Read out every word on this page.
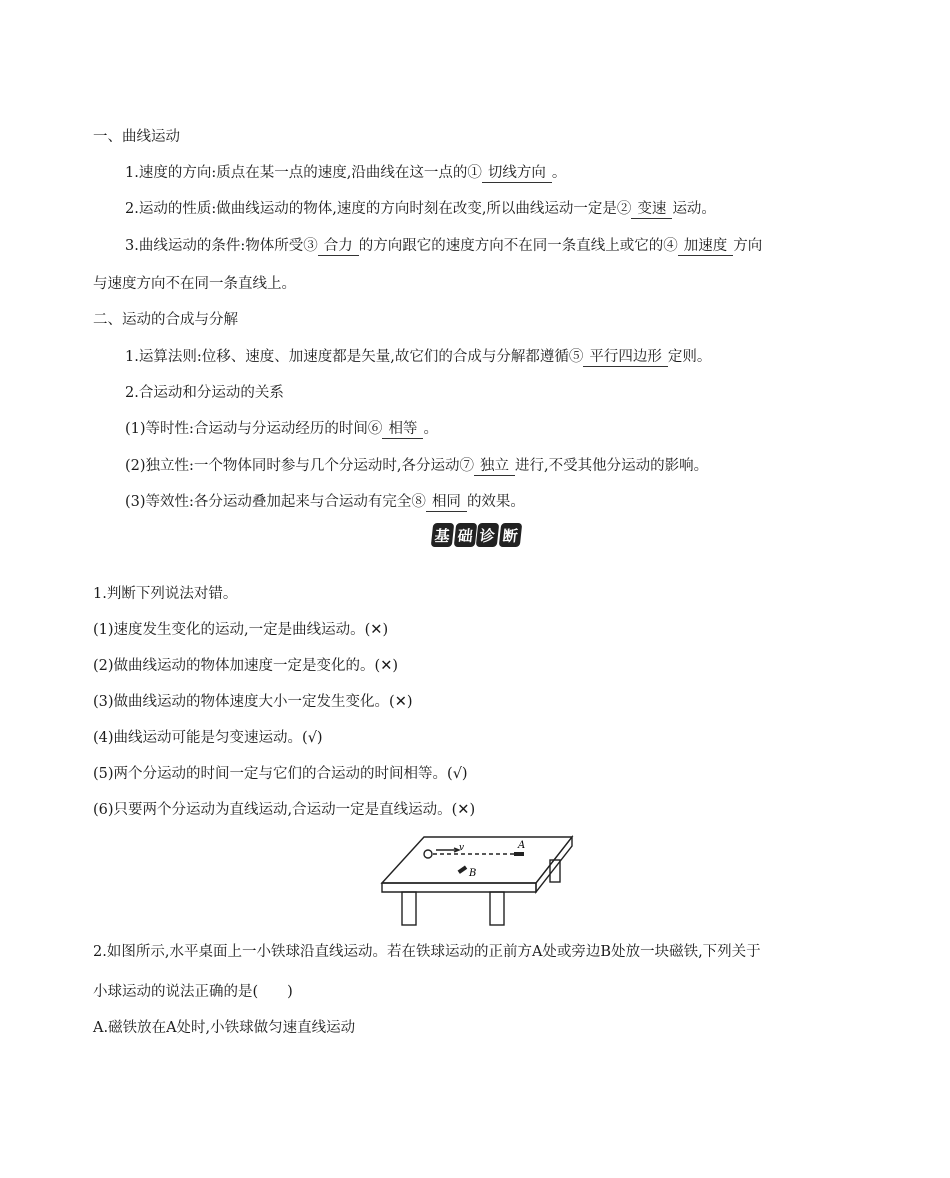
一、曲线运动
1.速度的方向:质点在某一点的速度,沿曲线在这一点的① 切线方向 。
2.运动的性质:做曲线运动的物体,速度的方向时刻在改变,所以曲线运动一定是② 变速 运动。
3.曲线运动的条件:物体所受③ 合力 的方向跟它的速度方向不在同一条直线上或它的④ 加速度 方向
与速度方向不在同一条直线上。
二、运动的合成与分解
1.运算法则:位移、速度、加速度都是矢量,故它们的合成与分解都遵循⑤ 平行四边形 定则。
2.合运动和分运动的关系
(1)等时性:合运动与分运动经历的时间⑥ 相等 。
(2)独立性:一个物体同时参与几个分运动时,各分运动⑦ 独立 进行,不受其他分运动的影响。
(3)等效性:各分运动叠加起来与合运动有完全⑧ 相同 的效果。
基 础 诊 断
1.判断下列说法对错。
(1)速度发生变化的运动,一定是曲线运动。(✕)
(2)做曲线运动的物体加速度一定是变化的。(✕)
(3)做曲线运动的物体速度大小一定发生变化。(✕)
(4)曲线运动可能是匀变速运动。(√)
(5)两个分运动的时间一定与它们的合运动的时间相等。(√)
(6)只要两个分运动为直线运动,合运动一定是直线运动。(✕)
v	A
B
2.如图所示,水平桌面上一小铁球沿直线运动。若在铁球运动的正前方A处或旁边B处放一块磁铁,下列关于
小球运动的说法正确的是(　　)
A.磁铁放在A处时,小铁球做匀速直线运动
